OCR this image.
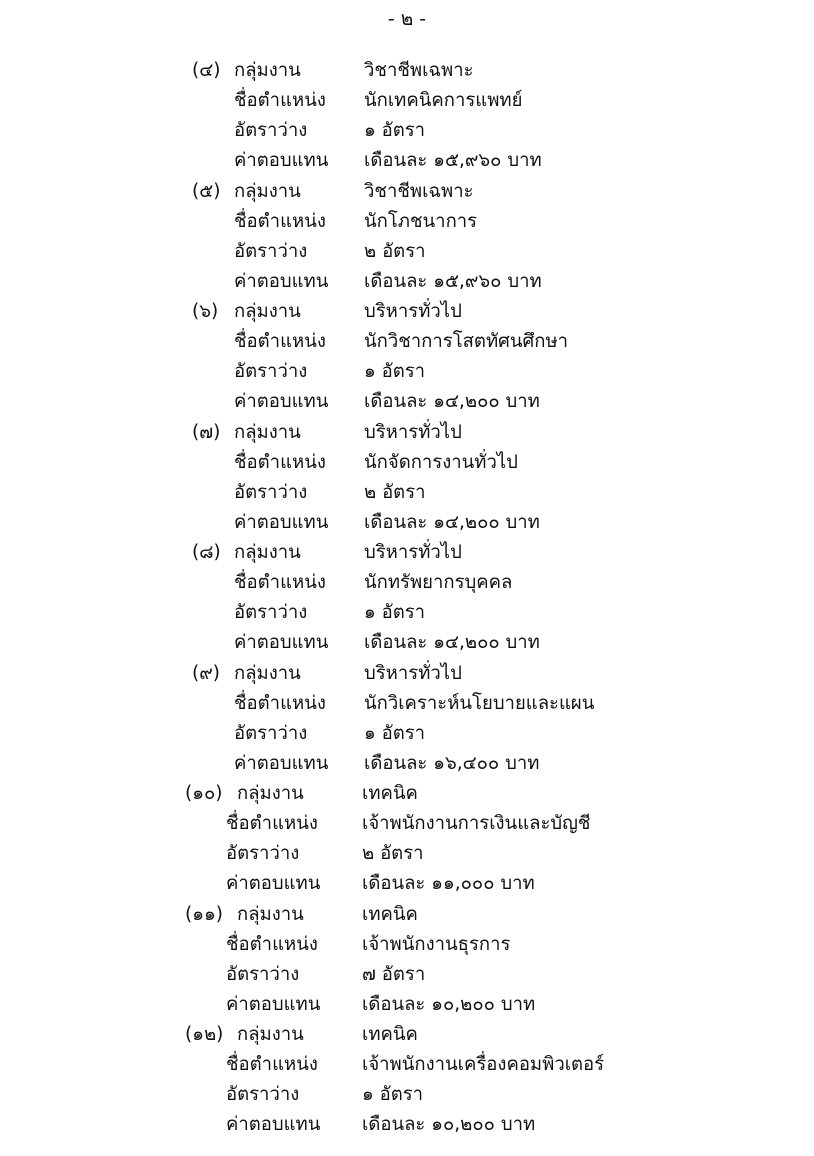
- ๒ -
(๔) กลุ่มงาน	วิชาชีพเฉพาะ
ชื่อตำแหน่ง นักเทคนิคการแพทย์
อัตราว่าง	๑ อัตรา
ค่าตอบแทน เดือนละ ๑๕,๙๖๐ บาท
(๕) กลุ่มงาน	วิชาชีพเฉพาะ
ชื่อตำแหน่ง นักโภชนาการ
อัตราว่าง	๒ อัตรา
ค่าตอบแทน เดือนละ ๑๕,๙๖๐ บาท
(๖) กลุ่มงาน	บริหารทั่วไป
ชื่อตำแหน่ง นักวิชาการโสตทัศนศึกษา
อัตราว่าง	๑ อัตรา
ค่าตอบแทน เดือนละ ๑๔,๒๐๐ บาท
(๗) กลุ่มงาน	บริหารทั่วไป
ชื่อตำแหน่ง นักจัดการงานทั่วไป
อัตราว่าง	๒ อัตรา
ค่าตอบแทน เดือนละ ๑๔,๒๐๐ บาท
(๘) กลุ่มงาน	บริหารทั่วไป
ชื่อตำแหน่ง นักทรัพยากรบุคคล
อัตราว่าง	๑ อัตรา
ค่าตอบแทน เดือนละ ๑๔,๒๐๐ บาท
(๙) กลุ่มงาน	บริหารทั่วไป
ชื่อตำแหน่ง นักวิเคราะห์นโยบายและแผน
อัตราว่าง	๑ อัตรา
ค่าตอบแทน เดือนละ ๑๖,๔๐๐ บาท
(๑๐) กลุ่มงาน	เทคนิค
ชื่อตำแหน่ง เจ้าพนักงานการเงินและบัญชี
อัตราว่าง	๒ อัตรา
ค่าตอบแทน เดือนละ ๑๑,๐๐๐ บาท
(๑๑) กลุ่มงาน	เทคนิค
ชื่อตำแหน่ง เจ้าพนักงานธุรการ
อัตราว่าง	๗ อัตรา
ค่าตอบแทน เดือนละ ๑๐,๒๐๐ บาท
(๑๒) กลุ่มงาน	เทคนิค
ชื่อตำแหน่ง เจ้าพนักงานเครื่องคอมพิวเตอร์
อัตราว่าง	๑ อัตรา
ค่าตอบแทน เดือนละ ๑๐,๒๐๐ บาท
